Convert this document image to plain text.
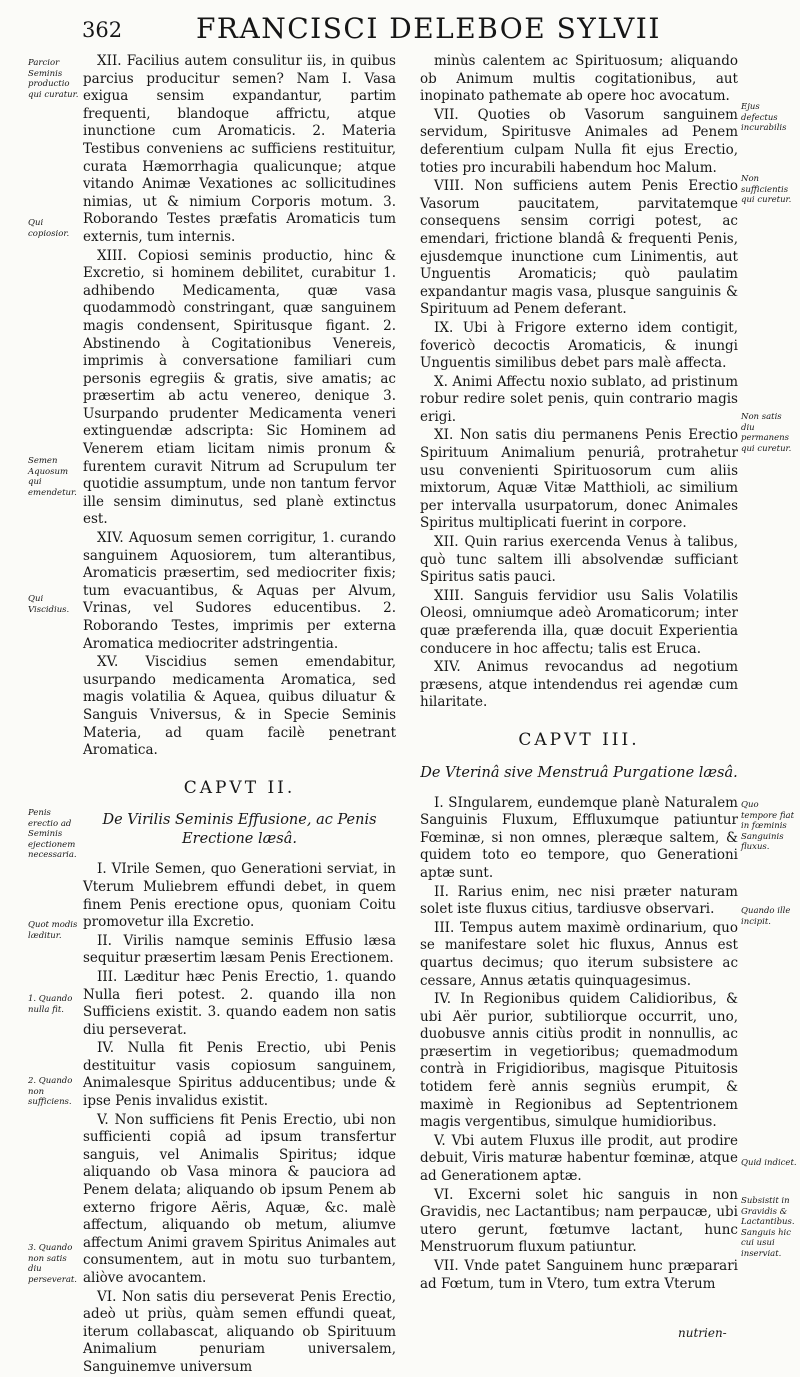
362	FRANCISCI DELEBOE SYLVII
Parcior Seminis productio qui curatur.
Qui copiosior.
Semen Aquosum qui emendetur.
Qui Viscidius.
Penis erectio ad Seminis ejectionem necessaria.
Quot modis læditur.
1. Quando nulla fit.
2. Quando non sufficiens.
3. Quando non satis diu perseverat.
Ejus defectus incurabilis
Non sufficientis qui curetur.
Non satis diu permanens qui curetur.
Quo tempore fiat in fœminis Sanguinis fluxus.
Quando ille incipit.
Quid indicet.
Subsistit in Gravidis & Lactantibus. Sanguis hic cui usui inserviat.

XII. Facilius autem consulitur iis, in quibus parcius producitur semen? Nam I. Vasa exigua sensim expandantur, partim frequenti, blandoque affrictu, atque inunctione cum Aromaticis. 2. Materia Testibus conveniens ac sufficiens restituitur, curata Hæmorrhagia qualicunque; atque vitando Animæ Vexationes ac sollicitudines nimias, ut & nimium Corporis motum. 3. Roborando Testes præfatis Aromaticis tum externis, tum internis.

XIII. Copiosi seminis productio, hinc & Excretio, si hominem debilitet, curabitur 1. adhibendo Medicamenta, quæ vasa quodammodò constringant, quæ sanguinem magis condensent, Spiritusque figant. 2. Abstinendo à Cogitationibus Venereis, imprimis à conversatione familiari cum personis egregiis & gratis, sive amatis; ac præsertim ab actu venereo, denique 3. Usurpando prudenter Medicamenta veneri extinguendæ adscripta: Sic Hominem ad Venerem etiam licitam nimis pronum & furentem curavit Nitrum ad Scrupulum ter quotidie assumptum, unde non tantum fervor ille sensim diminutus, sed planè extinctus est.

XIV. Aquosum semen corrigitur, 1. curando sanguinem Aquosiorem, tum alterantibus, Aromaticis præsertim, sed mediocriter fixis; tum evacuantibus, & Aquas per Alvum, Vrinas, vel Sudores educentibus. 2. Roborando Testes, imprimis per externa Aromatica mediocriter adstringentia.

XV. Viscidius semen emendabitur, usurpando medicamenta Aromatica, sed magis volatilia & Aquea, quibus diluatur & Sanguis Vniversus, & in Specie Seminis Materia, ad quam facilè penetrant Aromatica.

CAPVT II.

De Virilis Seminis Effusione, ac Penis Erectione læsâ.

I. VIrile Semen, quo Generationi serviat, in Vterum Muliebrem effundi debet, in quem finem Penis erectione opus, quoniam Coitu promovetur illa Excretio.

II. Virilis namque seminis Effusio læsa sequitur præsertim læsam Penis Erectionem.

III. Læditur hæc Penis Erectio, 1. quando Nulla fieri potest. 2. quando illa non Sufficiens existit. 3. quando eadem non satis diu perseverat.

IV. Nulla fit Penis Erectio, ubi Penis destituitur vasis copiosum sanguinem, Animalesque Spiritus adducentibus; unde & ipse Penis invalidus existit.

V. Non sufficiens fit Penis Erectio, ubi non sufficienti copiâ ad ipsum transfertur sanguis, vel Animalis Spiritus; idque aliquando ob Vasa minora & pauciora ad Penem delata; aliquando ob ipsum Penem ab externo frigore Aëris, Aquæ, &c. malè affectum, aliquando ob metum, aliumve affectum Animi gravem Spiritus Animales aut consumentem, aut in motu suo turbantem, aliòve avocantem.

VI. Non satis diu perseverat Penis Erectio, adeò ut priùs, quàm semen effundi queat, iterum collabascat, aliquando ob Spirituum Animalium penuriam universalem, Sanguinemve universum

minùs calentem ac Spirituosum; aliquando ob Animum multis cogitationibus, aut inopinato pathemate ab opere hoc avocatum.

VII. Quoties ob Vasorum sanguinem servidum, Spiritusve Animales ad Penem deferentium culpam Nulla fit ejus Erectio, toties pro incurabili habendum hoc Malum.

VIII. Non sufficiens autem Penis Erectio Vasorum paucitatem, parvitatemque consequens sensim corrigi potest, ac emendari, frictione blandâ & frequenti Penis, ejusdemque inunctione cum Linimentis, aut Unguentis Aromaticis; quò paulatim expandantur magis vasa, plusque sanguinis & Spirituum ad Penem deferant.

IX. Ubi à Frigore externo idem contigit, fovericò decoctis Aromaticis, & inungi Unguentis similibus debet pars malè affecta.

X. Animi Affectu noxio sublato, ad pristinum robur redire solet penis, quin contrario magis erigi.

XI. Non satis diu permanens Penis Erectio Spirituum Animalium penuriâ, protrahetur usu convenienti Spirituosorum cum aliis mixtorum, Aquæ Vitæ Matthioli, ac similium per intervalla usurpatorum, donec Animales Spiritus multiplicati fuerint in corpore.

XII. Quin rarius exercenda Venus à talibus, quò tunc saltem illi absolvendæ sufficiant Spiritus satis pauci.

XIII. Sanguis fervidior usu Salis Volatilis Oleosi, omniumque adeò Aromaticorum; inter quæ præferenda illa, quæ docuit Experientia conducere in hoc affectu; talis est Eruca.

XIV. Animus revocandus ad negotium præsens, atque intendendus rei agendæ cum hilaritate.

CAPVT III.

De Vterinâ sive Menstruâ Purgatione læsâ.

I. SIngularem, eundemque planè Naturalem Sanguinis Fluxum, Effluxumque patiuntur Fœminæ, si non omnes, pleræque saltem, & quidem toto eo tempore, quo Generationi aptæ sunt.

II. Rarius enim, nec nisi præter naturam solet iste fluxus citius, tardiusve observari.

III. Tempus autem maximè ordinarium, quo se manifestare solet hic fluxus, Annus est quartus decimus; quo iterum subsistere ac cessare, Annus ætatis quinquagesimus.

IV. In Regionibus quidem Calidioribus, & ubi Aër purior, subtiliorque occurrit, uno, duobusve annis citiùs prodit in nonnullis, ac præsertim in vegetioribus; quemadmodum contrà in Frigidioribus, magisque Pituitosis totidem ferè annis segniùs erumpit, & maximè in Regionibus ad Septentrionem magis vergentibus, simulque humidioribus.

V. Vbi autem Fluxus ille prodit, aut prodire debuit, Viris maturæ habentur fœminæ, atque ad Generationem aptæ.

VI. Excerni solet hic sanguis in non Gravidis, nec Lactantibus; nam perpaucæ, ubi utero gerunt, fœtumve lactant, hunc Menstruorum fluxum patiuntur.

VII. Vnde patet Sanguinem hunc præparari ad Fœtum, tum in Vtero, tum extra Vterum

nutrien-
